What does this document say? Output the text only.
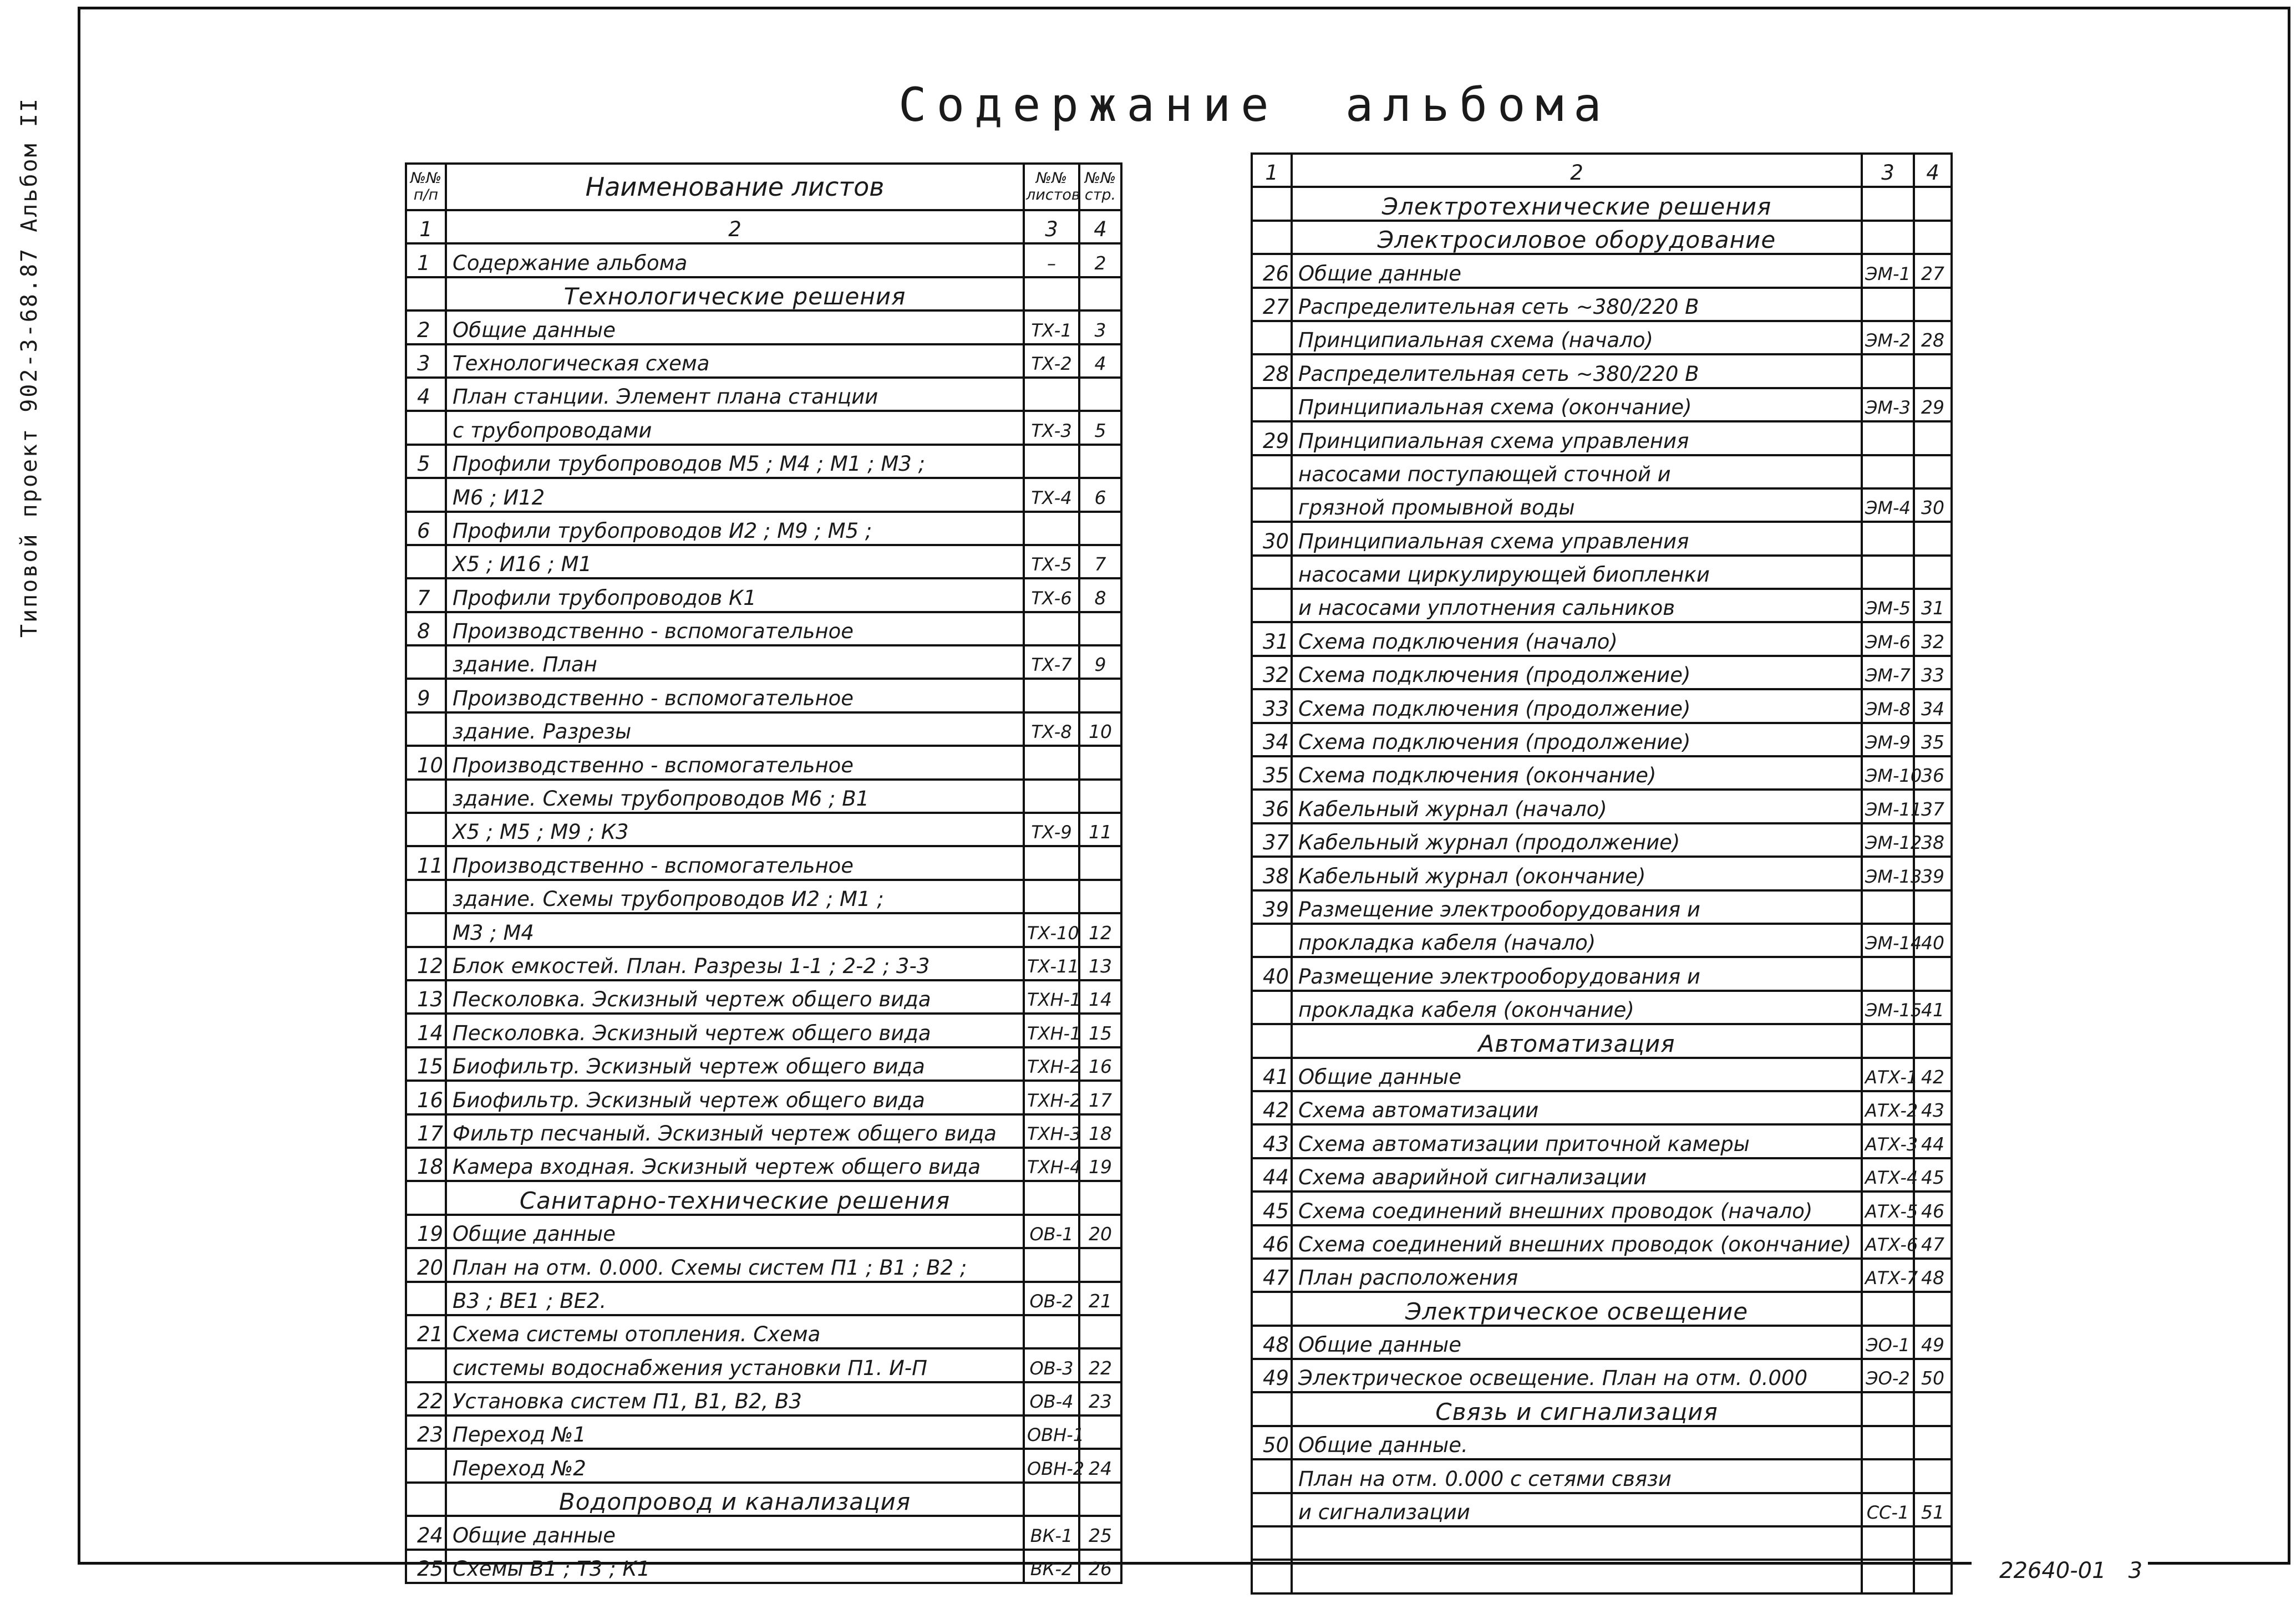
Типовой проект 902-3-68.87 Альбом II	Содержание альбома
№№ п/п	Наименование листов	№№ листов	№№ стр.
1	2	3	4
1	Содержание альбома	–	2
	Технологические решения		
2	Общие данные	ТХ-1	3
3	Технологическая схема	ТХ-2	4
4	План станции. Элемент плана станции		
	с трубопроводами	ТХ-3	5
5	Профили трубопроводов М5 ; М4 ; М1 ; М3 ;		
	М6 ; И12	ТХ-4	6
6	Профили трубопроводов И2 ; М9 ; М5 ;		
	Х5 ; И16 ; М1	ТХ-5	7
7	Профили трубопроводов К1	ТХ-6	8
8	Производственно - вспомогательное		
	здание. План	ТХ-7	9
9	Производственно - вспомогательное		
	здание. Разрезы	ТХ-8	10
10	Производственно - вспомогательное		
	здание. Схемы трубопроводов М6 ; В1		
	Х5 ; М5 ; М9 ; К3	ТХ-9	11
11	Производственно - вспомогательное		
	здание. Схемы трубопроводов И2 ; М1 ;		
	М3 ; М4	ТХ-10	12
12	Блок емкостей. План. Разрезы 1-1 ; 2-2 ; 3-3	ТХ-11	13
13	Песколовка. Эскизный чертеж общего вида	ТХН-1	14
14	Песколовка. Эскизный чертеж общего вида	ТХН-1	15
15	Биофильтр. Эскизный чертеж общего вида	ТХН-2	16
16	Биофильтр. Эскизный чертеж общего вида	ТХН-2	17
17	Фильтр песчаный. Эскизный чертеж общего вида	ТХН-3	18
18	Камера входная. Эскизный чертеж общего вида	ТХН-4	19
	Санитарно-технические решения		
19	Общие данные	ОВ-1	20
20	План на отм. 0.000. Схемы систем П1 ; В1 ; В2 ;		
	В3 ; ВЕ1 ; ВЕ2.	ОВ-2	21
21	Схема системы отопления. Схема		
	системы водоснабжения установки П1. И-П	ОВ-3	22
22	Установка систем П1, В1, В2, В3	ОВ-4	23
23	Переход №1	ОВН-1	
	Переход №2	ОВН-2	24
	Водопровод и канализация		
24	Общие данные	ВК-1	25
25	Схемы В1 ; Т3 ; К1	ВК-2	26
1	2	3	4
	Электротехнические решения		
	Электросиловое оборудование		
26	Общие данные	ЭМ-1	27
27	Распределительная сеть ~380/220 В		
	Принципиальная схема (начало)	ЭМ-2	28
28	Распределительная сеть ~380/220 В		
	Принципиальная схема (окончание)	ЭМ-3	29
29	Принципиальная схема управления		
	насосами поступающей сточной и		
	грязной промывной воды	ЭМ-4	30
30	Принципиальная схема управления		
	насосами циркулирующей биопленки		
	и насосами уплотнения сальников	ЭМ-5	31
31	Схема подключения (начало)	ЭМ-6	32
32	Схема подключения (продолжение)	ЭМ-7	33
33	Схема подключения (продолжение)	ЭМ-8	34
34	Схема подключения (продолжение)	ЭМ-9	35
35	Схема подключения (окончание)	ЭМ-10	36
36	Кабельный журнал (начало)	ЭМ-11	37
37	Кабельный журнал (продолжение)	ЭМ-12	38
38	Кабельный журнал (окончание)	ЭМ-13	39
39	Размещение электрооборудования и		
	прокладка кабеля (начало)	ЭМ-14	40
40	Размещение электрооборудования и		
	прокладка кабеля (окончание)	ЭМ-15	41
	Автоматизация		
41	Общие данные	АТХ-1	42
42	Схема автоматизации	АТХ-2	43
43	Схема автоматизации приточной камеры	АТХ-3	44
44	Схема аварийной сигнализации	АТХ-4	45
45	Схема соединений внешних проводок (начало)	АТХ-5	46
46	Схема соединений внешних проводок (окончание)	АТХ-6	47
47	План расположения	АТХ-7	48
	Электрическое освещение		
48	Общие данные	ЭО-1	49
49	Электрическое освещение. План на отм. 0.000	ЭО-2	50
	Связь и сигнализация		
50	Общие данные.		
	План на отм. 0.000 с сетями связи		
	и сигнализации	СС-1	51

22640-01 3
